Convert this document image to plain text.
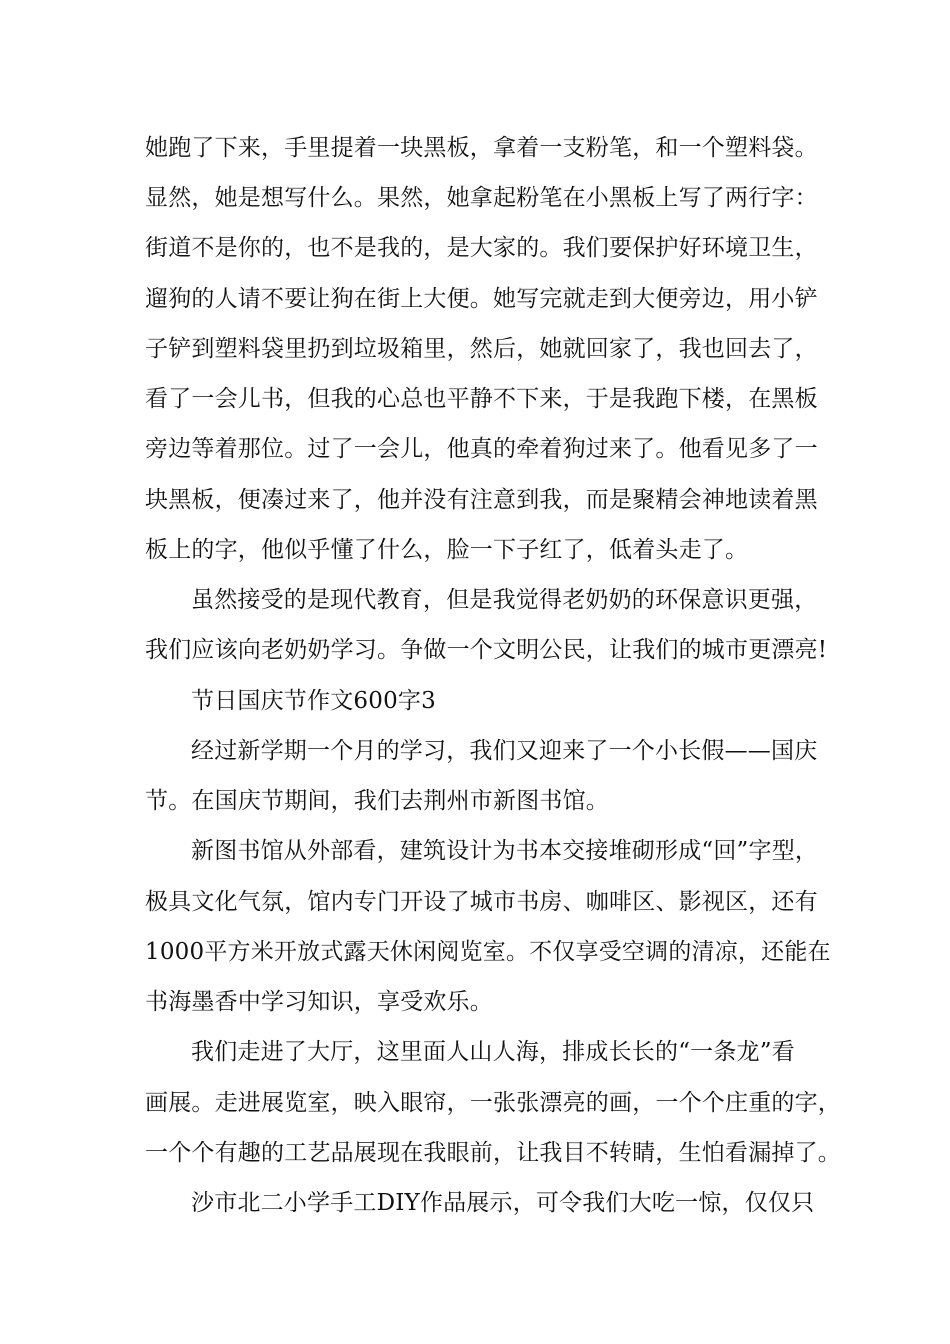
她跑了下来，手里提着一块黑板，拿着一支粉笔，和一个塑料袋。
显然，她是想写什么。果然，她拿起粉笔在小黑板上写了两行字：
街道不是你的，也不是我的，是大家的。我们要保护好环境卫生，
遛狗的人请不要让狗在街上大便。她写完就走到大便旁边，用小铲
子铲到塑料袋里扔到垃圾箱里，然后，她就回家了，我也回去了，
看了一会儿书，但我的心总也平静不下来，于是我跑下楼，在黑板
旁边等着那位。过了一会儿，他真的牵着狗过来了。他看见多了一
块黑板，便凑过来了，他并没有注意到我，而是聚精会神地读着黑
板上的字，他似乎懂了什么，脸一下子红了，低着头走了。
虽然接受的是现代教育，但是我觉得老奶奶的环保意识更强，
我们应该向老奶奶学习。争做一个文明公民，让我们的城市更漂亮!
节日国庆节作文600字3
经过新学期一个月的学习，我们又迎来了一个小长假——国庆
节。在国庆节期间，我们去荆州市新图书馆。
新图书馆从外部看，建筑设计为书本交接堆砌形成“回”字型，
极具文化气氛，馆内专门开设了城市书房、咖啡区、影视区，还有
1000平方米开放式露天休闲阅览室。不仅享受空调的清凉，还能在
书海墨香中学习知识，享受欢乐。
我们走进了大厅，这里面人山人海，排成长长的“一条龙”看
画展。走进展览室，映入眼帘，一张张漂亮的画，一个个庄重的字，
一个个有趣的工艺品展现在我眼前，让我目不转睛，生怕看漏掉了。
沙市北二小学手工DIY作品展示，可令我们大吃一惊，仅仅只
